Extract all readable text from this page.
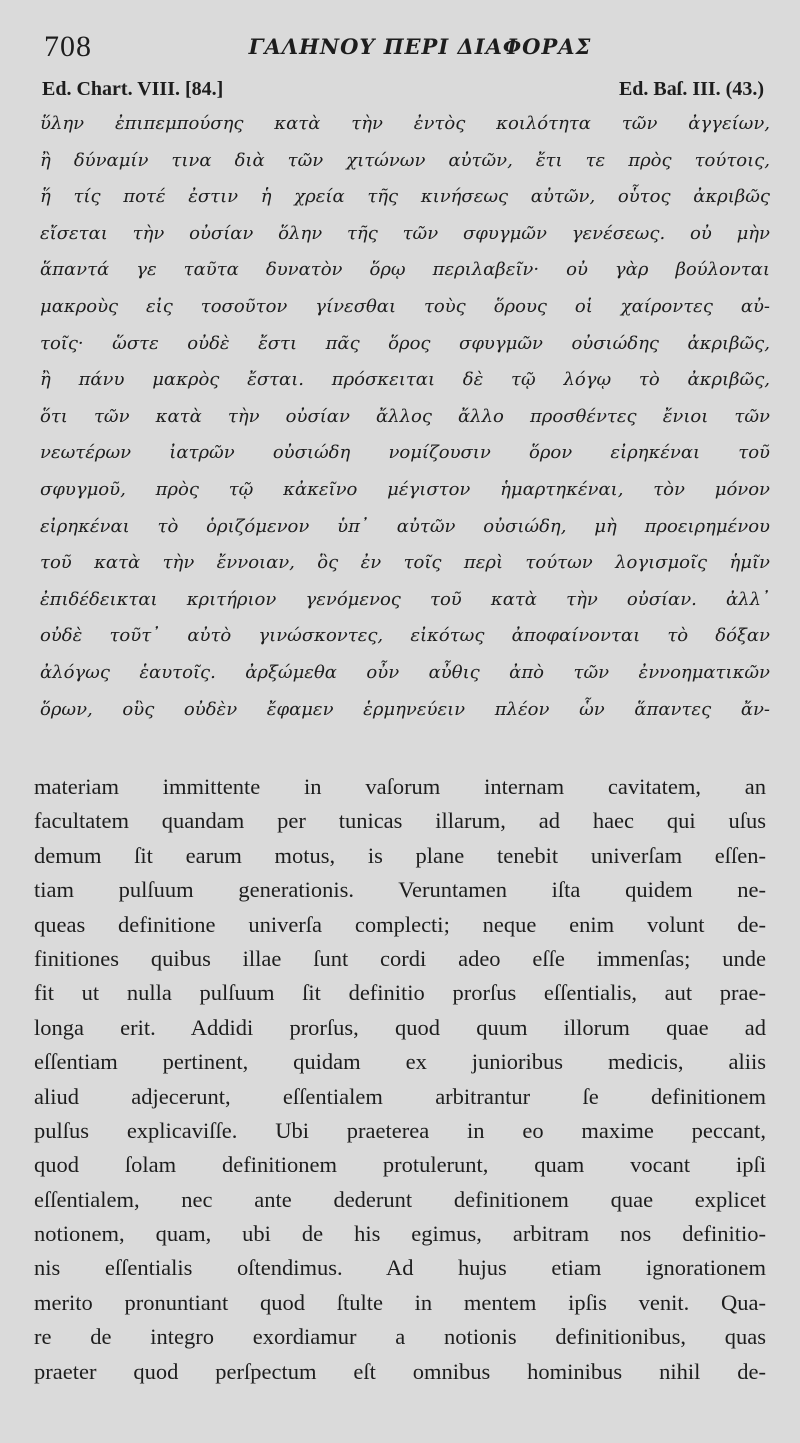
708	ΓΑΛΗΝΟΥ ΠΕΡΙ ΔΙΑΦΟΡΑΣ
Ed. Chart. VIII. [84.]	Ed. Baſ. III. (43.)
ὕλην ἐπιπεμπούσης κατὰ τὴν ἐντὸς κοιλότητα τῶν ἀγγείων,
ἢ δύναμίν τινα διὰ τῶν χιτώνων αὐτῶν, ἔτι τε πρὸς τούτοις,
ἥ τίς ποτέ ἐστιν ἡ χρεία τῆς κινήσεως αὐτῶν, οὗτος ἀκριβῶς
εἴσεται τὴν οὐσίαν ὅλην τῆς τῶν σφυγμῶν γενέσεως. οὐ μὴν
ἅπαντά γε ταῦτα δυνατὸν ὅρῳ περιλαβεῖν· οὐ γὰρ βούλονται
μακροὺς εἰς τοσοῦτον γίνεσθαι τοὺς ὅρους οἱ χαίροντες αὐ-
τοῖς· ὥστε οὐδὲ ἔστι πᾶς ὅρος σφυγμῶν οὐσιώδης ἀκριβῶς,
ἢ πάνυ μακρὸς ἔσται. πρόσκειται δὲ τῷ λόγῳ τὸ ἀκριβῶς,
ὅτι τῶν κατὰ τὴν οὐσίαν ἄλλος ἄλλο προσθέντες ἔνιοι τῶν
νεωτέρων ἰατρῶν οὐσιώδη νομίζουσιν ὅρον εἰρηκέναι τοῦ
σφυγμοῦ, πρὸς τῷ κἀκεῖνο μέγιστον ἡμαρτηκέναι, τὸν μόνον
εἰρηκέναι τὸ ὁριζόμενον ὑπ᾽ αὐτῶν οὐσιώδη, μὴ προειρημένου
τοῦ κατὰ τὴν ἔννοιαν, ὃς ἐν τοῖς περὶ τούτων λογισμοῖς ἡμῖν
ἐπιδέδεικται κριτήριον γενόμενος τοῦ κατὰ τὴν οὐσίαν. ἀλλ᾽
οὐδὲ τοῦτ᾽ αὐτὸ γινώσκοντες, εἰκότως ἀποφαίνονται τὸ δόξαν
ἀλόγως ἑαυτοῖς. ἀρξώμεθα οὖν αὖθις ἀπὸ τῶν ἐννοηματικῶν
ὅρων, οὓς οὐδὲν ἔφαμεν ἑρμηνεύειν πλέον ὧν ἅπαντες ἄν-
materiam immittente in vaſorum internam cavitatem, an
facultatem quandam per tunicas illarum, ad haec qui uſus
demum ſit earum motus, is plane tenebit univerſam eſſen-
tiam pulſuum generationis. Veruntamen iſta quidem ne-
queas definitione univerſa complecti; neque enim volunt de-
finitiones quibus illae ſunt cordi adeo eſſe immenſas; unde
fit ut nulla pulſuum ſit definitio prorſus eſſentialis, aut prae-
longa erit. Addidi prorſus, quod quum illorum quae ad
eſſentiam pertinent, quidam ex junioribus medicis, aliis
aliud adjecerunt, eſſentialem arbitrantur ſe definitionem
pulſus explicaviſſe. Ubi praeterea in eo maxime peccant,
quod ſolam definitionem protulerunt, quam vocant ipſi
eſſentialem, nec ante dederunt definitionem quae explicet
notionem, quam, ubi de his egimus, arbitram nos definitio-
nis eſſentialis oſtendimus. Ad hujus etiam ignorationem
merito pronuntiant quod ſtulte in mentem ipſis venit. Qua-
re de integro exordiamur a notionis definitionibus, quas
praeter quod perſpectum eſt omnibus hominibus nihil de-
